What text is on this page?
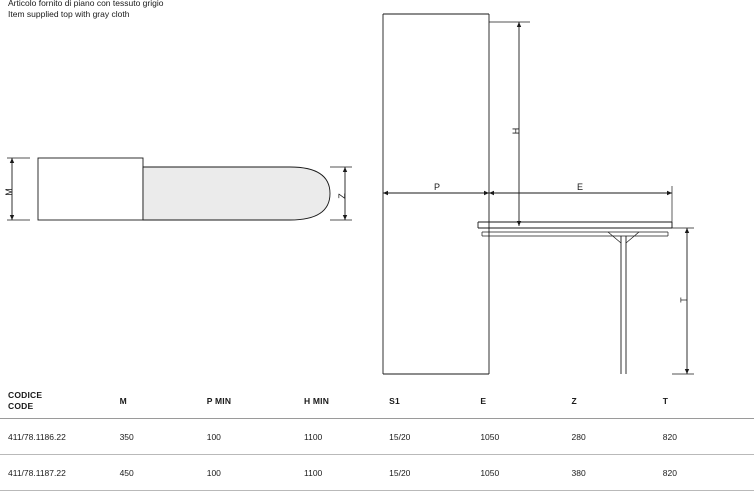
Articolo fornito di piano con tessuto grigio
Item supplied top with gray cloth
M
Z
H
P	E
T
CODICE
CODE	M	P MIN	H MIN	S1	E	Z	T
411/78.1186.22	350	100	1100	15/20	1050	280	820
411/78.1187.22	450	100	1100	15/20	1050	380	820
